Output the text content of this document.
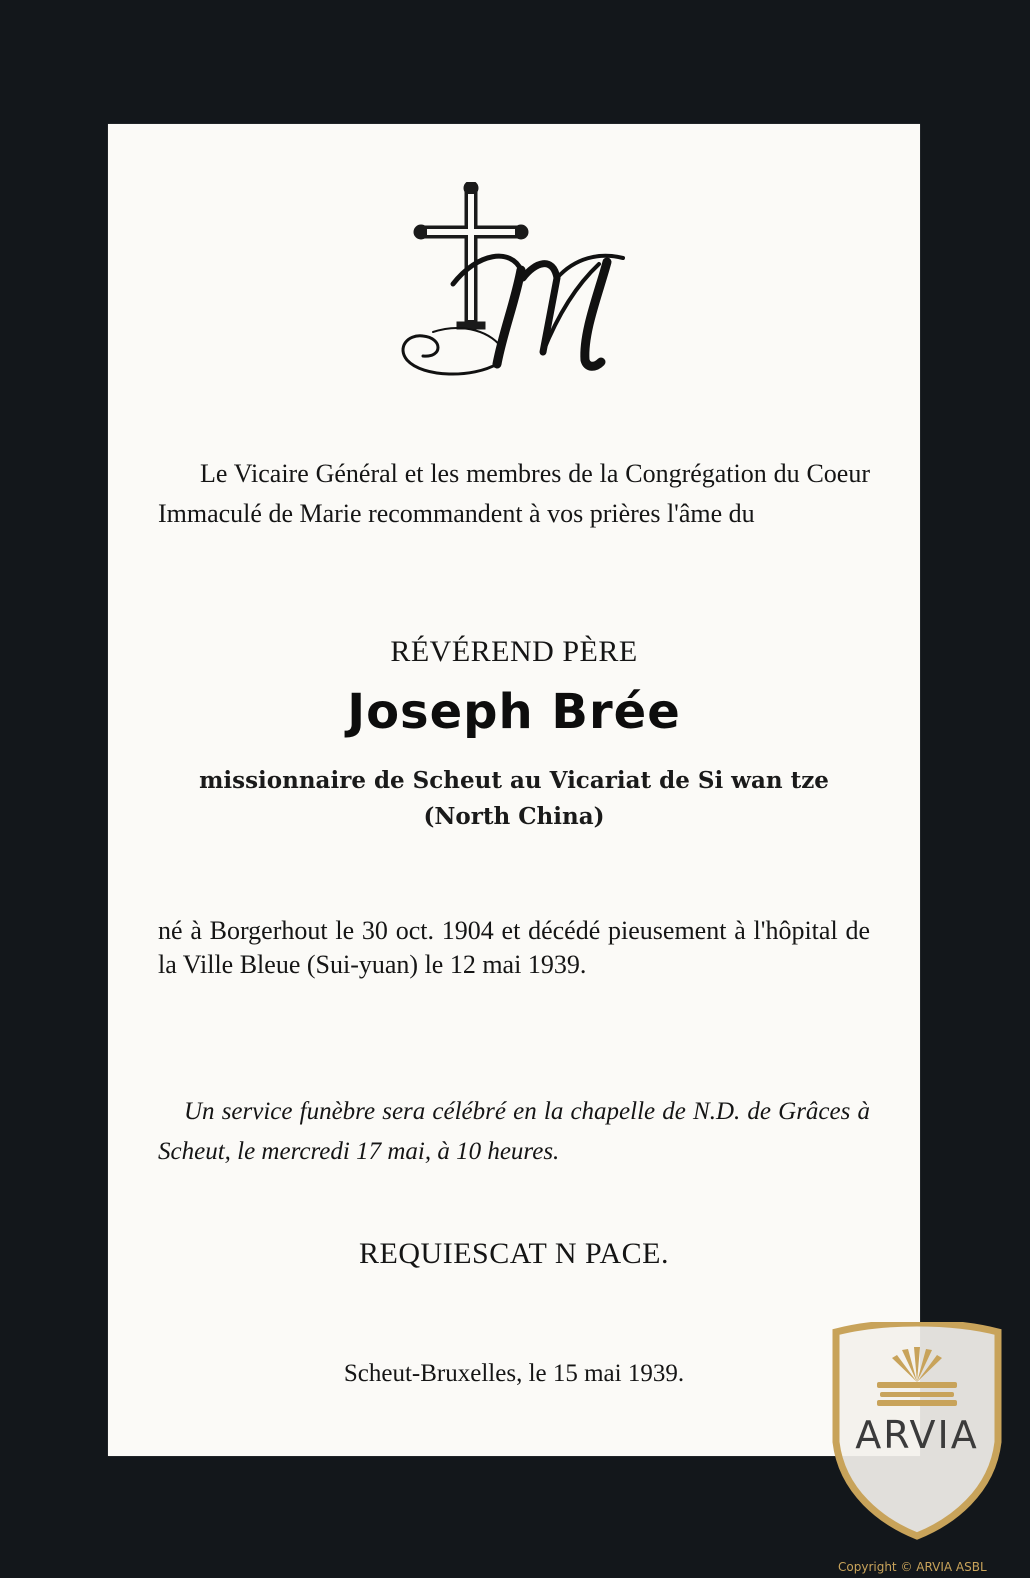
Le Vicaire Général et les membres de la Congrégation du Coeur Immaculé de Marie recommandent à vos prières l'âme du
RÉVÉREND PÈRE
Joseph Brée
missionnaire de Scheut au Vicariat de Si wan tze
(North China)
né à Borgerhout le 30 oct. 1904 et décédé pieusement à l'hôpital de la Ville Bleue (Sui-yuan) le 12 mai 1939.
Un service funèbre sera célébré en la chapelle de N.D. de Grâces à Scheut, le mercredi 17 mai, à 10 heures.
REQUIESCAT N PACE.
Scheut-Bruxelles, le 15 mai 1939.
ARVIA
Copyright © ARVIA ASBL
